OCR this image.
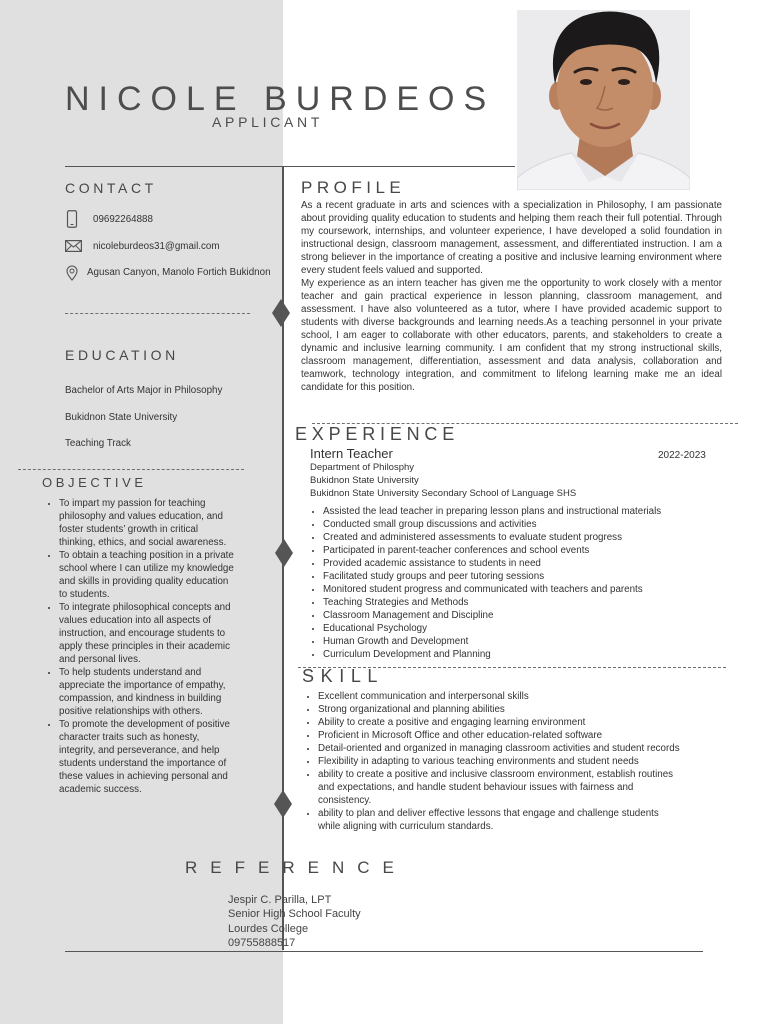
NICOLE BURDEOS
APPLICANT
CONTACT
09692264888
nicoleburdeos31@gmail.com
Agusan Canyon, Manolo Fortich Bukidnon
EDUCATION
Bachelor of Arts Major in Philosophy
Bukidnon State University
Teaching Track
OBJECTIVE
• To impart my passion for teaching philosophy and values education, and foster students’ growth in critical thinking, ethics, and social awareness.
• To obtain a teaching position in a private school where I can utilize my knowledge and skills in providing quality education to students.
• To integrate philosophical concepts and values education into all aspects of instruction, and encourage students to apply these principles in their academic and personal lives.
• To help students understand and appreciate the importance of empathy, compassion, and kindness in building positive relationships with others.
• To promote the development of positive character traits such as honesty, integrity, and perseverance, and help students understand the importance of these values in achieving personal and academic success.
PROFILE

As a recent graduate in arts and sciences with a specialization in Philosophy, I am passionate about providing quality education to students and helping them reach their full potential. Through my coursework, internships, and volunteer experience, I have developed a solid foundation in instructional design, classroom management, assessment, and differentiated instruction. I am a strong believer in the importance of creating a positive and inclusive learning environment where every student feels valued and supported.

My experience as an intern teacher has given me the opportunity to work closely with a mentor teacher and gain practical experience in lesson planning, classroom management, and assessment. I have also volunteered as a tutor, where I have provided academic support to students with diverse backgrounds and learning needs.As a teaching personnel in your private school, I am eager to collaborate with other educators, parents, and stakeholders to create a dynamic and inclusive learning community. I am confident that my strong instructional skills, classroom management, differentiation, assessment and data analysis, collaboration and teamwork, technology integration, and commitment to lifelong learning make me an ideal candidate for this position.

EXPERIENCE
Intern Teacher	2022-2023
Department of Philosphy
Bukidnon State University
Bukidnon State University Secondary School of Language SHS
• Assisted the lead teacher in preparing lesson plans and instructional materials
• Conducted small group discussions and activities
• Created and administered assessments to evaluate student progress
• Participated in parent-teacher conferences and school events
• Provided academic assistance to students in need
• Facilitated study groups and peer tutoring sessions
• Monitored student progress and communicated with teachers and parents
• Teaching Strategies and Methods
• Classroom Management and Discipline
• Educational Psychology
• Human Growth and Development
• Curriculum Development and Planning
SKILL
• Excellent communication and interpersonal skills
• Strong organizational and planning abilities
• Ability to create a positive and engaging learning environment
• Proficient in Microsoft Office and other education-related software
• Detail-oriented and organized in managing classroom activities and student records
• Flexibility in adapting to various teaching environments and student needs
• ability to create a positive and inclusive classroom environment, establish routines and expectations, and handle student behaviour issues with fairness and consistency.
• ability to plan and deliver effective lessons that engage and challenge students while aligning with curriculum standards.
REFERENCE
Jespir C. Parilla, LPT
Senior High School Faculty
Lourdes College
09755888517
